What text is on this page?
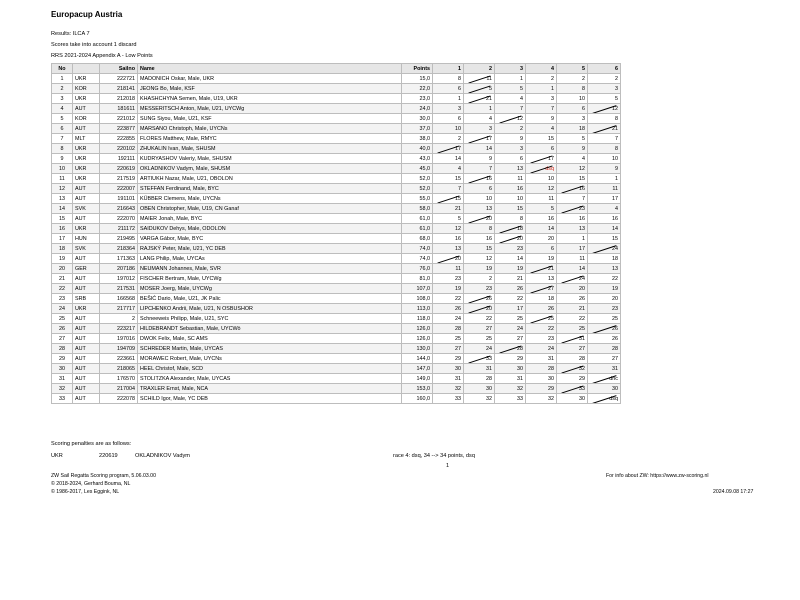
Europacup Austria
Results: ILCA 7
Scores take into account 1 discard
RRS 2021-2024 Appendix A - Low Points
No		Sailno	Name	Points	1	2	3	4	5	6
1	UKR	222721	MADONICH Oskar, Male, UKR	15,0	8	11	1	2	2	2
2	KOR	218141	JEONG Bo, Male, KSF	22,0	6	5	5	1	8	3
3	UKR	212018	KHASHCHYNA Semen, Male, U19, UKR	23,0	1	21	4	3	10	5
4	AUT	181611	MESSERITSCH Anton, Male, U21, UYCWg	24,0	3	1	7	7	6	12
5	KOR	221012	SUNG Siyou, Male, U21, KSF	30,0	6	4	12	9	3	8
6	AUT	223877	MARSANO Christoph, Male, UYCNs	37,0	10	3	2	4	18	21
7	MLT	222855	FLORES Matthew, Male, RMYC	38,0	2	17	9	15	5	7
8	UKR	220102	ZHUKALIN Ivan, Male, SHUSM	40,0	17	14	3	6	9	8
9	UKR	192111	KUDRYASHOV Valeriy, Male, SHUSM	43,0	14	9	6	17	4	10
10	UKR	220619	OKLADNIKOV Vadym, Male, SHUSM	45,0	4	7	13	dsq	12	9
11	UKR	217519	ARTIUKH Nazar, Male, U21, OBOLON	52,0	15	16	11	10	15	1
12	AUT	222007	STEFFAN Ferdinand, Male, BYC	52,0	7	6	16	12	16	11
13	AUT	191101	KÜBBER Clemens, Male, UYCNs	55,0	15	10	10	11	7	17
14	SVK	216643	OBEN Christopher, Male, U19, CN Ganaf	58,0	21	13	15	5	23	4
15	AUT	222070	MAIER Jonah, Male, BYC	61,0	5	20	8	16	16	16
16	UKR	211172	SAIDUKOV Dehys, Male, ODOLON	61,0	12	8	18	14	13	14
17	HUN	219495	VARGA Gábor, Male, BYC	68,0	16	16	20	20	1	15
18	SVK	218364	RAJSKÝ Peter, Male, U21, YC DEB	74,0	13	15	23	6	17	24
19	AUT	171363	LANG Philip, Male, UYCAs	74,0	20	12	14	19	11	18
20	GER	207186	NEUMANN Johannes, Male, SVR	76,0	11	19	19	21	14	13
21	AUT	197012	FISCHER Bertram, Male, UYCWg	81,0	23	2	21	13	24	22
22	AUT	217531	MOSER Joerg, Male, UYCWg	107,0	19	23	26	27	20	19
23	SRB	166568	BEŠIĆ Dario, Male, U21, JK Palic	108,0	22	26	22	18	26	20
24	UKR	217717	LIPCHENKO Andrii, Male, U21, N OSBUSHOR	113,0	26	20	17	26	21	23
25	AUT	2	Schneeweis Philipp, Male, U21, SYC	118,0	24	22	25	25	22	25
26	AUT	223217	HILDEBRANDT Sebastian, Male, UYCWö	126,0	28	27	24	22	25	26
27	AUT	197016	DWOK Felix, Male, SC AMS	126,0	25	25	27	23	31	26
28	AUT	194709	SCHREDER Martin, Male, UYCAS	130,0	27	24	28	24	27	28
29	AUT	223661	MORAWEC Robert, Male, UYCNs	144,0	29	33	29	31	28	27
30	AUT	218065	HEEL Christof, Male, SCD	147,0	30	31	30	28	32	31
31	AUT	176570	STOLITZKA Alexander, Male, UYCAS	149,0	31	28	31	30	29	dnc
32	AUT	217004	TRAXLER Ernst, Male, NCA	153,0	32	30	32	29	33	30
33	AUT	222078	SCHILD Igor, Male, YC DEB	160,0	33	32	33	32	30	dsq
Scoring penalties are as follows:
UKR	220619	OKLADNIKOV Vadym	race 4: dsq, 34 --> 34 points, dsq
1
ZW Sail Regatta Scoring program, 5.06.03.00
© 2018-2024, Gerhard Bouma, NL
© 1986-2017, Les Eggink, NL
For info about ZW: https://www.zw-scoring.nl
2024.09.08 17:27
